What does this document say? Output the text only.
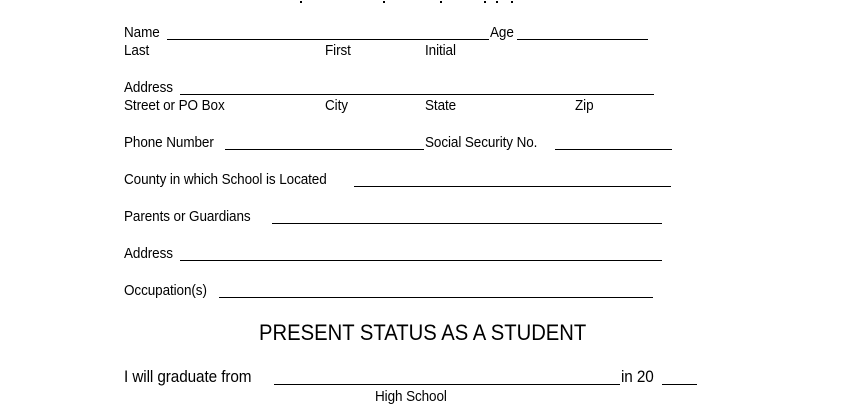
Name	Age
Last	First	Initial
Address
Street or PO Box	City	State	Zip
Phone Number	Social Security No.
County in which School is Located
Parents or Guardians
Address
Occupation(s)
PRESENT STATUS AS A STUDENT
I will graduate from	in 20
High School
